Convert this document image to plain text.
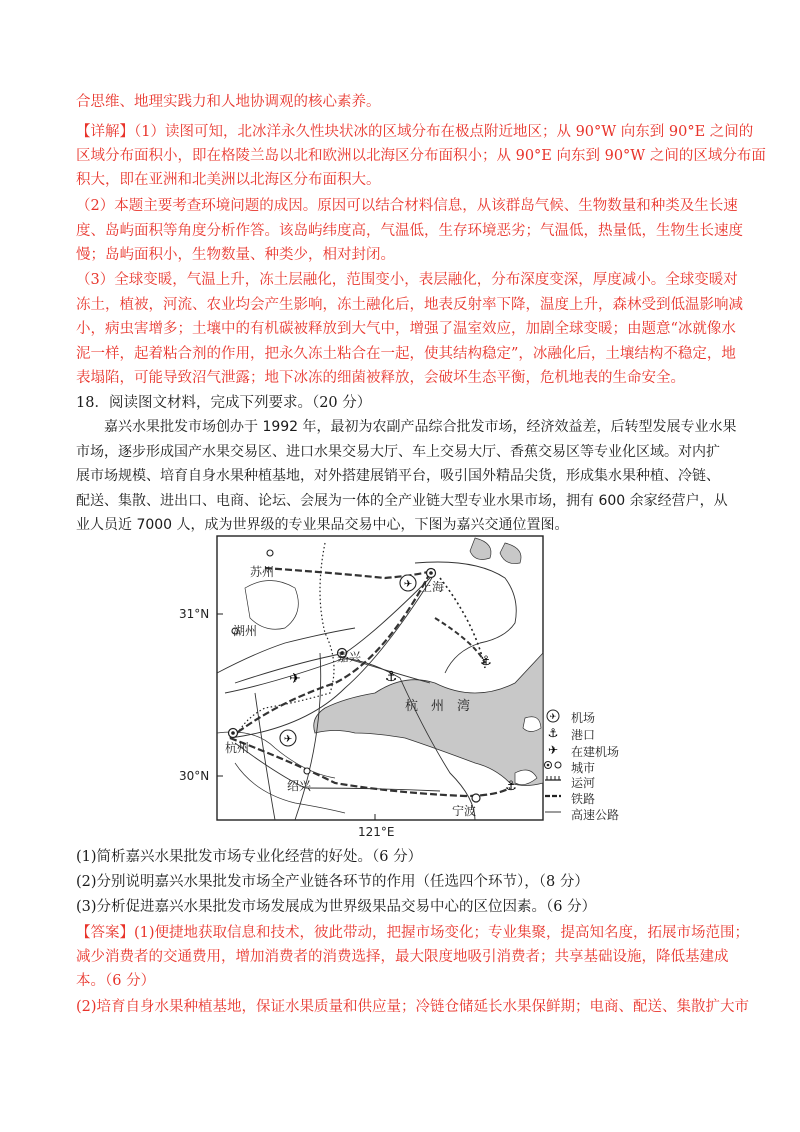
合思维、地理实践力和人地协调观的核心素养。
【详解】（1）读图可知，北冰洋永久性块状冰的区域分布在极点附近地区；从 90°W 向东到 90°E 之间的
区域分布面积小，即在格陵兰岛以北和欧洲以北海区分布面积小；从 90°E 向东到 90°W 之间的区域分布面
积大，即在亚洲和北美洲以北海区分布面积大。
（2）本题主要考查环境问题的成因。原因可以结合材料信息，从该群岛气候、生物数量和种类及生长速
度、岛屿面积等角度分析作答。该岛屿纬度高，气温低，生存环境恶劣；气温低，热量低，生物生长速度
慢；岛屿面积小，生物数量、种类少，相对封闭。
（3）全球变暖，气温上升，冻土层融化，范围变小，表层融化，分布深度变深，厚度减小。全球变暖对
冻土，植被，河流、农业均会产生影响，冻土融化后，地表反射率下降，温度上升，森林受到低温影响减
小，病虫害增多；土壤中的有机碳被释放到大气中，增强了温室效应，加剧全球变暖；由题意“冰就像水
泥一样，起着粘合剂的作用，把永久冻土粘合在一起，使其结构稳定”，冰融化后，土壤结构不稳定，地
表塌陷，可能导致沼气泄露；地下冰冻的细菌被释放，会破坏生态平衡，危机地表的生命安全。
18．阅读图文材料，完成下列要求。（20 分）
　　嘉兴水果批发市场创办于 1992 年，最初为农副产品综合批发市场，经济效益差，后转型发展专业水果
市场，逐步形成国产水果交易区、进口水果交易大厅、车上交易大厅、香蕉交易区等专业化区域。对内扩
展市场规模、培育自身水果种植基地，对外搭建展销平台，吸引国外精品尖货，形成集水果种植、冷链、
配送、集散、进出口、电商、论坛、会展为一体的全产业链大型专业水果市场，拥有 600 余家经营户，从
业人员近 7000 人，成为世界级的专业果品交易中心，下图为嘉兴交通位置图。
✈
✈
✈	⚓
⚓
⚓
✈
⚓
✈
苏州
上海
湖州
嘉兴
杭州
绍兴
宁波
杭　州　湾
31°N
30°N
121°E
机场
港口
在建机场
城市
运河
铁路
高速公路
(1)简析嘉兴水果批发市场专业化经营的好处。（6 分）
(2)分别说明嘉兴水果批发市场全产业链各环节的作用（任选四个环节），（8 分）
(3)分析促进嘉兴水果批发市场发展成为世界级果品交易中心的区位因素。（6 分）
【答案】(1)便捷地获取信息和技术，彼此带动，把握市场变化；专业集聚，提高知名度，拓展市场范围；
减少消费者的交通费用，增加消费者的消费选择，最大限度地吸引消费者；共享基础设施，降低基建成
本。（6 分）
(2)培育自身水果种植基地，保证水果质量和供应量；冷链仓储延长水果保鲜期；电商、配送、集散扩大市
